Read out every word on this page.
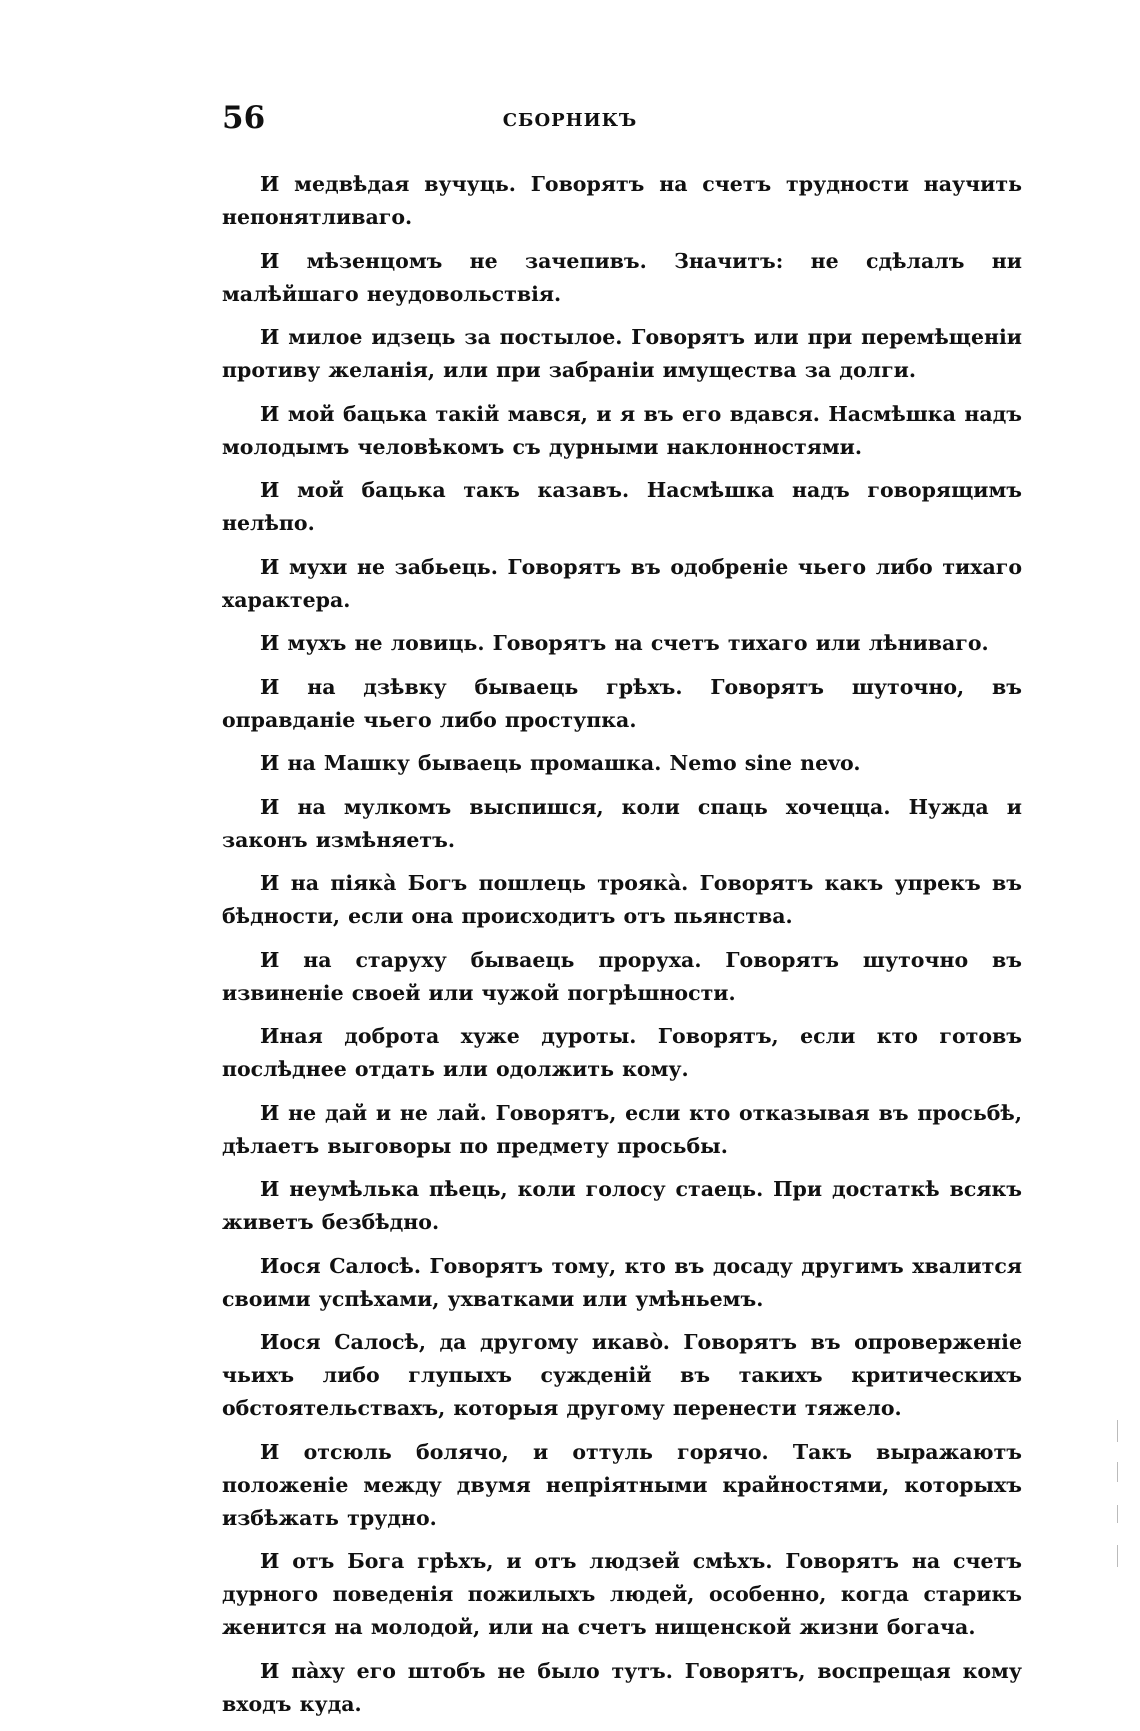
56	СБОРНИКЪ

И медвѣдая вучуць. Говорятъ на счетъ трудности научить непонятливаго.

И мѣзенцомъ не зачепивъ. Значитъ: не сдѣлалъ ни малѣйшаго неудовольствія.

И милое идзець за постылое. Говорятъ или при перемѣщеніи противу желанія, или при забраніи имущества за долги.

И мой бацька такій мався, и я въ его вдався. Насмѣшка надъ молодымъ человѣкомъ съ дурными наклонностями.

И мой бацька такъ казавъ. Насмѣшка надъ говорящимъ нелѣпо.

И мухи не забьець. Говорятъ въ одобреніе чьего либо тихаго характера.

И мухъ не ловиць. Говорятъ на счетъ тихаго или лѣниваго.

И на дзѣвку бываець грѣхъ. Говорятъ шуточно, въ оправданіе чьего либо проступка.

И на Машку бываець промашка. Nemo sine nevo.

И на мулкомъ выспишся, коли спаць хочецца. Нужда и законъ измѣняетъ.

И на піякà Богъ пошлець троякà. Говорятъ какъ упрекъ въ бѣдности, если она происходитъ отъ пьянства.

И на старуху бываець проруха. Говорятъ шуточно въ извиненіе своей или чужой погрѣшности.

Иная доброта хуже дуроты. Говорятъ, если кто готовъ послѣднее отдать или одолжить кому.

И не дай и не лай. Говорятъ, если кто отказывая въ просьбѣ, дѣлаетъ выговоры по предмету просьбы.

И неумѣлька пѣець, коли голосу стаець. При достаткѣ всякъ живетъ безбѣдно.

Иося Салосѣ. Говорятъ тому, кто въ досаду другимъ хвалится своими успѣхами, ухватками или умѣньемъ.

Иося Салосѣ, да другому икавò. Говорятъ въ опроверженіе чьихъ либо глупыхъ сужденій въ такихъ критическихъ обстоятельствахъ, которыя другому перенести тяжело.

И отсюль болячо, и оттуль горячо. Такъ выражаютъ положеніе между двумя непріятными крайностями, которыхъ избѣжать трудно.

И отъ Бога грѣхъ, и отъ людзей смѣхъ. Говорятъ на счетъ дурного поведенія пожилыхъ людей, особенно, когда старикъ женится на молодой, или на счетъ нищенской жизни богача.

И пàху его штобъ не было тутъ. Говорятъ, воспрещая кому входъ куда.
